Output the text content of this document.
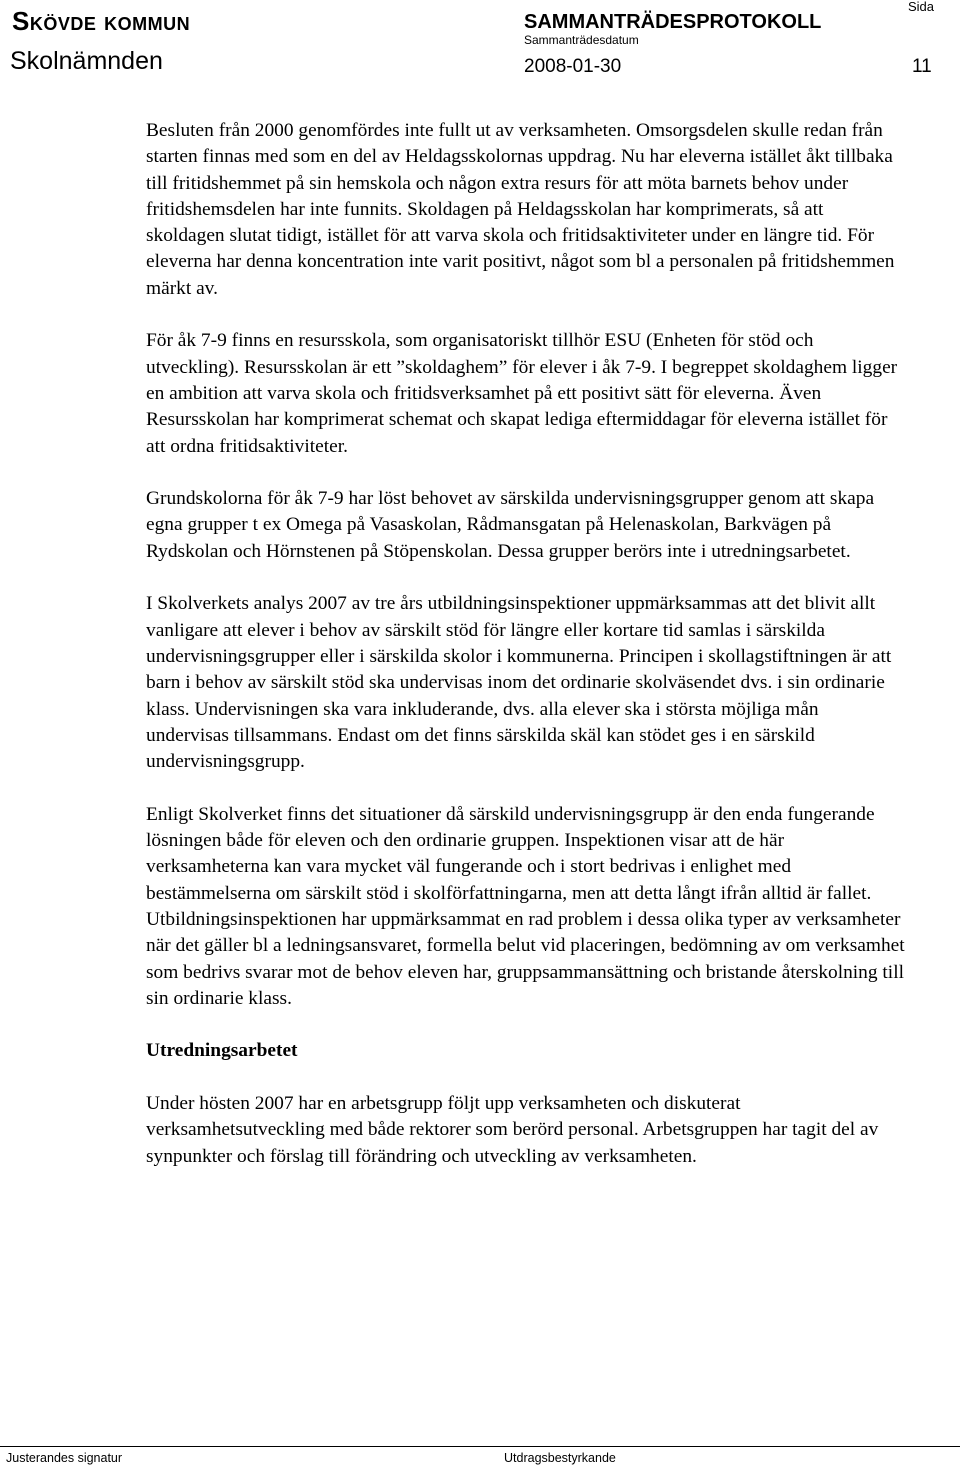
Skövde kommun
Skolnämnden
SAMMANTRÄDESPROTOKOLL
Sammanträdesdatum
2008-01-30
Sida
11

Besluten från 2000 genomfördes inte fullt ut av verksamheten. Omsorgsdelen skulle redan från starten finnas med som en del av Heldagsskolornas uppdrag. Nu har eleverna istället åkt tillbaka till fritidshemmet på sin hemskola och någon extra resurs för att möta barnets behov under fritidshemsdelen har inte funnits. Skoldagen på Heldagsskolan har komprimerats, så att skoldagen slutat tidigt, istället för att varva skola och fritidsaktiviteter under en längre tid. För eleverna har denna koncentration inte varit positivt, något som bl a personalen på fritidshemmen märkt av.

För åk 7-9 finns en resursskola, som organisatoriskt tillhör ESU (Enheten för stöd och utveckling). Resursskolan är ett ”skoldaghem” för elever i åk 7-9. I begreppet skoldaghem ligger en ambition att varva skola och fritidsverksamhet på ett positivt sätt för eleverna. Även Resursskolan har komprimerat schemat och skapat lediga eftermiddagar för eleverna istället för att ordna fritidsaktiviteter.

Grundskolorna för åk 7-9 har löst behovet av särskilda undervisningsgrupper genom att skapa egna grupper t ex Omega på Vasaskolan, Rådmansgatan på Helenaskolan, Barkvägen på Rydskolan och Hörnstenen på Stöpenskolan. Dessa grupper berörs inte i utredningsarbetet.

I Skolverkets analys 2007 av tre års utbildningsinspektioner uppmärksammas att det blivit allt vanligare att elever i behov av särskilt stöd för längre eller kortare tid samlas i särskilda undervisningsgrupper eller i särskilda skolor i kommunerna. Principen i skollagstiftningen är att barn i behov av särskilt stöd ska undervisas inom det ordinarie skolväsendet dvs. i sin ordinarie klass. Undervisningen ska vara inkluderande, dvs. alla elever ska i största möjliga mån undervisas tillsammans. Endast om det finns särskilda skäl kan stödet ges i en särskild undervisningsgrupp.

Enligt Skolverket finns det situationer då särskild undervisningsgrupp är den enda fungerande lösningen både för eleven och den ordinarie gruppen. Inspektionen visar att de här verksamheterna kan vara mycket väl fungerande och i stort bedrivas i enlighet med bestämmelserna om särskilt stöd i skolförfattningarna, men att detta långt ifrån alltid är fallet. Utbildningsinspektionen har uppmärksammat en rad problem i dessa olika typer av verksamheter när det gäller bl a ledningsansvaret, formella belut vid placeringen, bedömning av om verksamhet som bedrivs svarar mot de behov eleven har, gruppsammansättning och bristande återskolning till sin ordinarie klass.

Utredningsarbetet

Under hösten 2007 har en arbetsgrupp följt upp verksamheten och diskuterat verksamhetsutveckling med både rektorer som berörd personal. Arbetsgruppen har tagit del av synpunkter och förslag till förändring och utveckling av verksamheten.

Justerandes signatur	Utdragsbestyrkande
